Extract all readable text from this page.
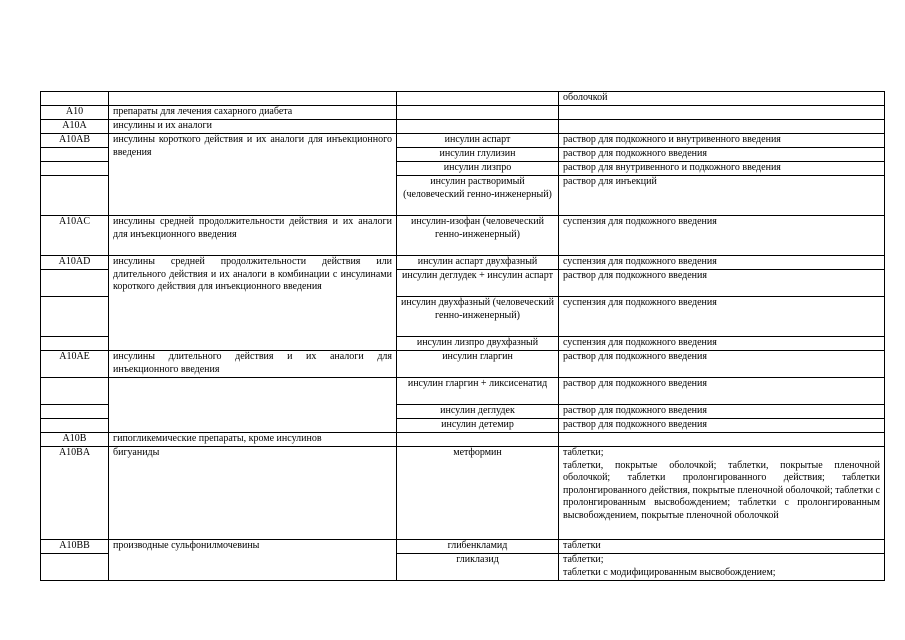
			оболочкой
A10	препараты для лечения сахарного диабета		
A10A	инсулины и их аналоги		
A10AB	инсулины короткого действия и их аналоги для инъекционного введения	инсулин аспарт	раствор для подкожного и внутривенного введения
		инсулин глулизин	раствор для подкожного введения
		инсулин лизпро	раствор для внутривенного и подкожного введения
		инсулин растворимый (человеческий генно-инженерный)	раствор для инъекций
A10AC	инсулины средней продолжительности действия и их аналоги для инъекционного введения	инсулин-изофан (человеческий генно-инженерный)	суспензия для подкожного введения
A10AD	инсулины средней продолжительности действия или длительного действия и их аналоги в комбинации с инсулинами короткого действия для инъекционного введения	инсулин аспарт двухфазный	суспензия для подкожного введения
		инсулин деглудек + инсулин аспарт	раствор для подкожного введения
		инсулин двухфазный (человеческий генно-инженерный)	суспензия для подкожного введения
		инсулин лизпро двухфазный	суспензия для подкожного введения
A10AE	инсулины длительного действия и их аналоги для инъекционного введения	инсулин гларгин	раствор для подкожного введения
		инсулин гларгин + ликсисенатид	раствор для подкожного введения
		инсулин деглудек	раствор для подкожного введения
		инсулин детемир	раствор для подкожного введения
A10B	гипогликемические препараты, кроме инсулинов		
A10BA	бигуаниды	метформин	таблетки;
таблетки, покрытые оболочкой; таблетки, покрытые пленочной оболочкой; таблетки пролонгированного действия; таблетки пролонгированного действия, покрытые пленочной оболочкой; таблетки с пролонгированным высвобождением; таблетки с пролонгированным высвобождением, покрытые пленочной оболочкой
A10BB	производные сульфонилмочевины	глибенкламид	таблетки
		гликлазид	таблетки;
таблетки с модифицированным высвобождением;
